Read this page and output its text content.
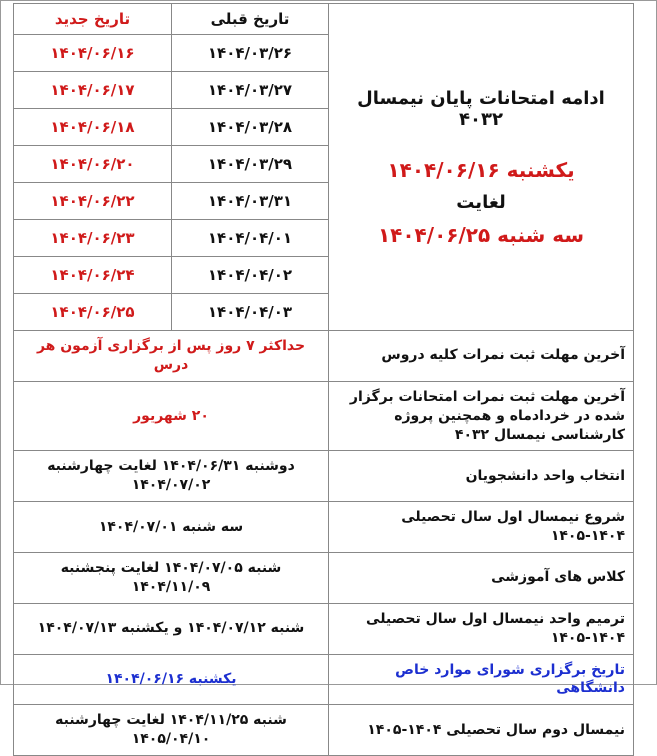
ادامه امتحانات پایان نیمسال ۴۰۳۲
یکشنبه ۱۴۰۴/۰۶/۱۶
لغایت
سه شنبه ۱۴۰۴/۰۶/۲۵	تاریخ قبلی	تاریخ جدید
	۱۴۰۴/۰۳/۲۶	۱۴۰۴/۰۶/۱۶
	۱۴۰۴/۰۳/۲۷	۱۴۰۴/۰۶/۱۷
	۱۴۰۴/۰۳/۲۸	۱۴۰۴/۰۶/۱۸
	۱۴۰۴/۰۳/۲۹	۱۴۰۴/۰۶/۲۰
	۱۴۰۴/۰۳/۳۱	۱۴۰۴/۰۶/۲۲
	۱۴۰۴/۰۴/۰۱	۱۴۰۴/۰۶/۲۳
	۱۴۰۴/۰۴/۰۲	۱۴۰۴/۰۶/۲۴
	۱۴۰۴/۰۴/۰۳	۱۴۰۴/۰۶/۲۵
آخرین مهلت ثبت نمرات کلیه دروس	حداکثر ۷ روز پس از برگزاری آزمون هر درس	
آخرین مهلت ثبت نمرات امتحانات برگزار شده در خردادماه و همچنین پروژه کارشناسی نیمسال ۴۰۳۲	۲۰ شهریور	
انتخاب واحد دانشجویان	دوشنبه ۱۴۰۴/۰۶/۳۱ لغایت چهارشنبه ۱۴۰۴/۰۷/۰۲	
شروع نیمسال اول سال تحصیلی ۱۴۰۴-۱۴۰۵	سه شنبه ۱۴۰۴/۰۷/۰۱	
کلاس های آموزشی	شنبه ۱۴۰۴/۰۷/۰۵ لغایت پنجشنبه ۱۴۰۴/۱۱/۰۹	
ترمیم واحد نیمسال اول سال تحصیلی ۱۴۰۴-۱۴۰۵	شنبه ۱۴۰۴/۰۷/۱۲ و یکشنبه ۱۴۰۴/۰۷/۱۳	
تاریخ برگزاری شورای موارد خاص دانشگاهی	یکشنبه ۱۴۰۴/۰۶/۱۶	
نیمسال دوم سال تحصیلی ۱۴۰۴-۱۴۰۵	شنبه ۱۴۰۴/۱۱/۲۵ لغایت چهارشنبه ۱۴۰۵/۰۴/۱۰	
